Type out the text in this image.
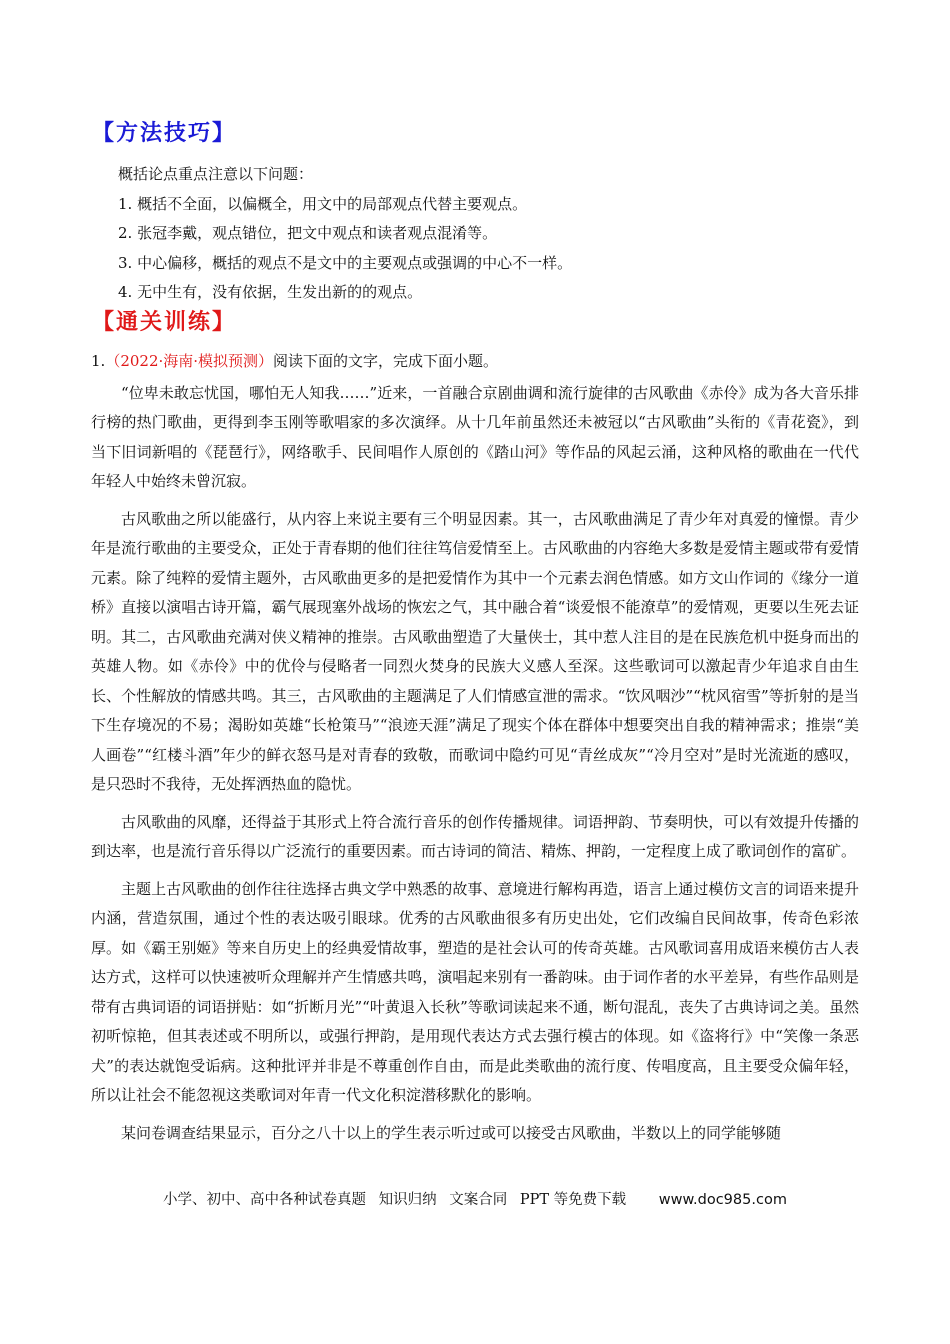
【方法技巧】

概括论点重点注意以下问题：

1. 概括不全面，以偏概全，用文中的局部观点代替主要观点。

2. 张冠李戴，观点错位，把文中观点和读者观点混淆等。

3. 中心偏移，概括的观点不是文中的主要观点或强调的中心不一样。

4. 无中生有，没有依据，生发出新的的观点。

【通关训练】

1.（2022·海南·模拟预测）阅读下面的文字，完成下面小题。

“位卑未敢忘忧国，哪怕无人知我……”近来，一首融合京剧曲调和流行旋律的古风歌曲《赤伶》成为各大音乐排行榜的热门歌曲，更得到李玉刚等歌唱家的多次演绎。从十几年前虽然还未被冠以“古风歌曲”头衔的《青花瓷》，到当下旧词新唱的《琵琶行》，网络歌手、民间唱作人原创的《踏山河》等作品的风起云涌，这种风格的歌曲在一代代年轻人中始终未曾沉寂。

古风歌曲之所以能盛行，从内容上来说主要有三个明显因素。其一，古风歌曲满足了青少年对真爱的憧憬。青少年是流行歌曲的主要受众，正处于青春期的他们往往笃信爱情至上。古风歌曲的内容绝大多数是爱情主题或带有爱情元素。除了纯粹的爱情主题外，古风歌曲更多的是把爱情作为其中一个元素去润色情感。如方文山作词的《缘分一道桥》直接以演唱古诗开篇，霸气展现塞外战场的恢宏之气，其中融合着“谈爱恨不能潦草”的爱情观，更要以生死去证明。其二，古风歌曲充满对侠义精神的推崇。古风歌曲塑造了大量侠士，其中惹人注目的是在民族危机中挺身而出的英雄人物。如《赤伶》中的优伶与侵略者一同烈火焚身的民族大义感人至深。这些歌词可以激起青少年追求自由生长、个性解放的情感共鸣。其三，古风歌曲的主题满足了人们情感宣泄的需求。“饮风咽沙”“枕风宿雪”等折射的是当下生存境况的不易；渴盼如英雄“长枪策马”“浪迹天涯”满足了现实个体在群体中想要突出自我的精神需求；推崇“美人画卷”“红楼斗酒”年少的鲜衣怒马是对青春的致敬，而歌词中隐约可见“青丝成灰”“冷月空对”是时光流逝的感叹，是只恐时不我待，无处挥洒热血的隐忧。

古风歌曲的风靡，还得益于其形式上符合流行音乐的创作传播规律。词语押韵、节奏明快，可以有效提升传播的到达率，也是流行音乐得以广泛流行的重要因素。而古诗词的简洁、精炼、押韵，一定程度上成了歌词创作的富矿。

主题上古风歌曲的创作往往选择古典文学中熟悉的故事、意境进行解构再造，语言上通过模仿文言的词语来提升内涵，营造氛围，通过个性的表达吸引眼球。优秀的古风歌曲很多有历史出处，它们改编自民间故事，传奇色彩浓厚。如《霸王别姬》等来自历史上的经典爱情故事，塑造的是社会认可的传奇英雄。古风歌词喜用成语来模仿古人表达方式，这样可以快速被听众理解并产生情感共鸣，演唱起来别有一番韵味。由于词作者的水平差异，有些作品则是带有古典词语的词语拼贴：如“折断月光”“叶黄退入长秋”等歌词读起来不通，断句混乱，丧失了古典诗词之美。虽然初听惊艳，但其表述或不明所以，或强行押韵，是用现代表达方式去强行模古的体现。如《盗将行》中“笑像一条恶犬”的表达就饱受诟病。这种批评并非是不尊重创作自由，而是此类歌曲的流行度、传唱度高，且主要受众偏年轻，所以让社会不能忽视这类歌词对年青一代文化积淀潜移默化的影响。

某问卷调查结果显示，百分之八十以上的学生表示听过或可以接受古风歌曲，半数以上的同学能够随

小学、初中、高中各种试卷真题 知识归纳 文案合同 PPT 等免费下载 www.doc985.com
